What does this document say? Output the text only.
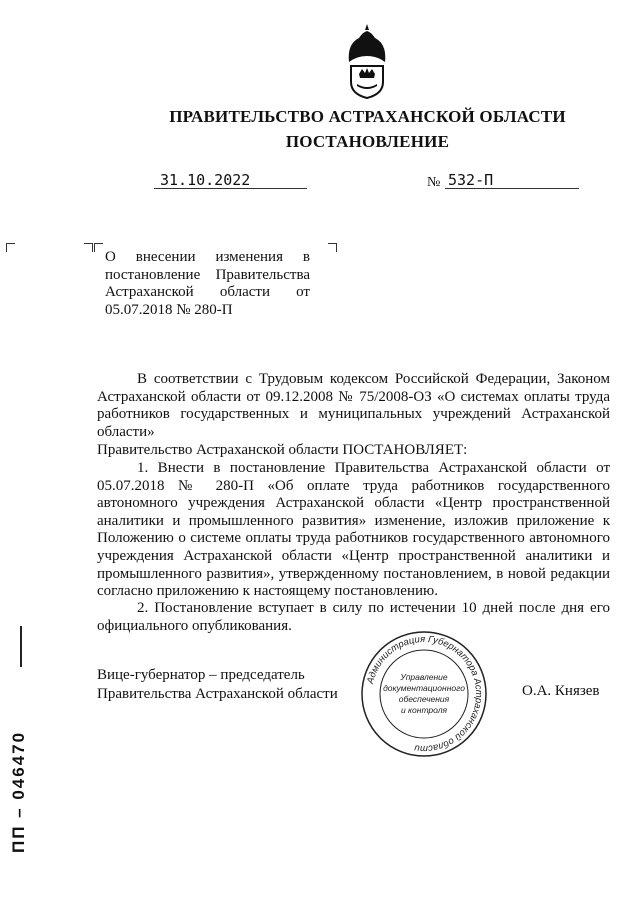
ПРАВИТЕЛЬСТВО АСТРАХАНСКОЙ ОБЛАСТИ
ПОСТАНОВЛЕНИЕ
31.10.2022	№ 532-П
О внесении изменения в постановление Правительства Астраханской области от 05.07.2018 № 280-П
В соответствии с Трудовым кодексом Российской Федерации, Законом Астраханской области от 09.12.2008 № 75/2008-ОЗ «О системах оплаты труда работников государственных и муниципальных учреждений Астраханской области»
Правительство Астраханской области ПОСТАНОВЛЯЕТ:
1. Внести в постановление Правительства Астраханской области от 05.07.2018 № 280-П «Об оплате труда работников государственного автономного учреждения Астраханской области «Центр пространственной аналитики и промышленного развития» изменение, изложив приложение к Положению о системе оплаты труда работников государственного автономного учреждения Астраханской области «Центр пространственной аналитики и промышленного развития», утвержденному постановлением, в новой редакции согласно приложению к настоящему постановлению.
2. Постановление вступает в силу по истечении 10 дней после дня его официального опубликования.
Вице-губернатор – председатель
Правительства Астраханской области	О.А. Князев
Администрация Губернатора Астраханской области
Управление
документационного
обеспечения
и контроля
ПП – 046470
